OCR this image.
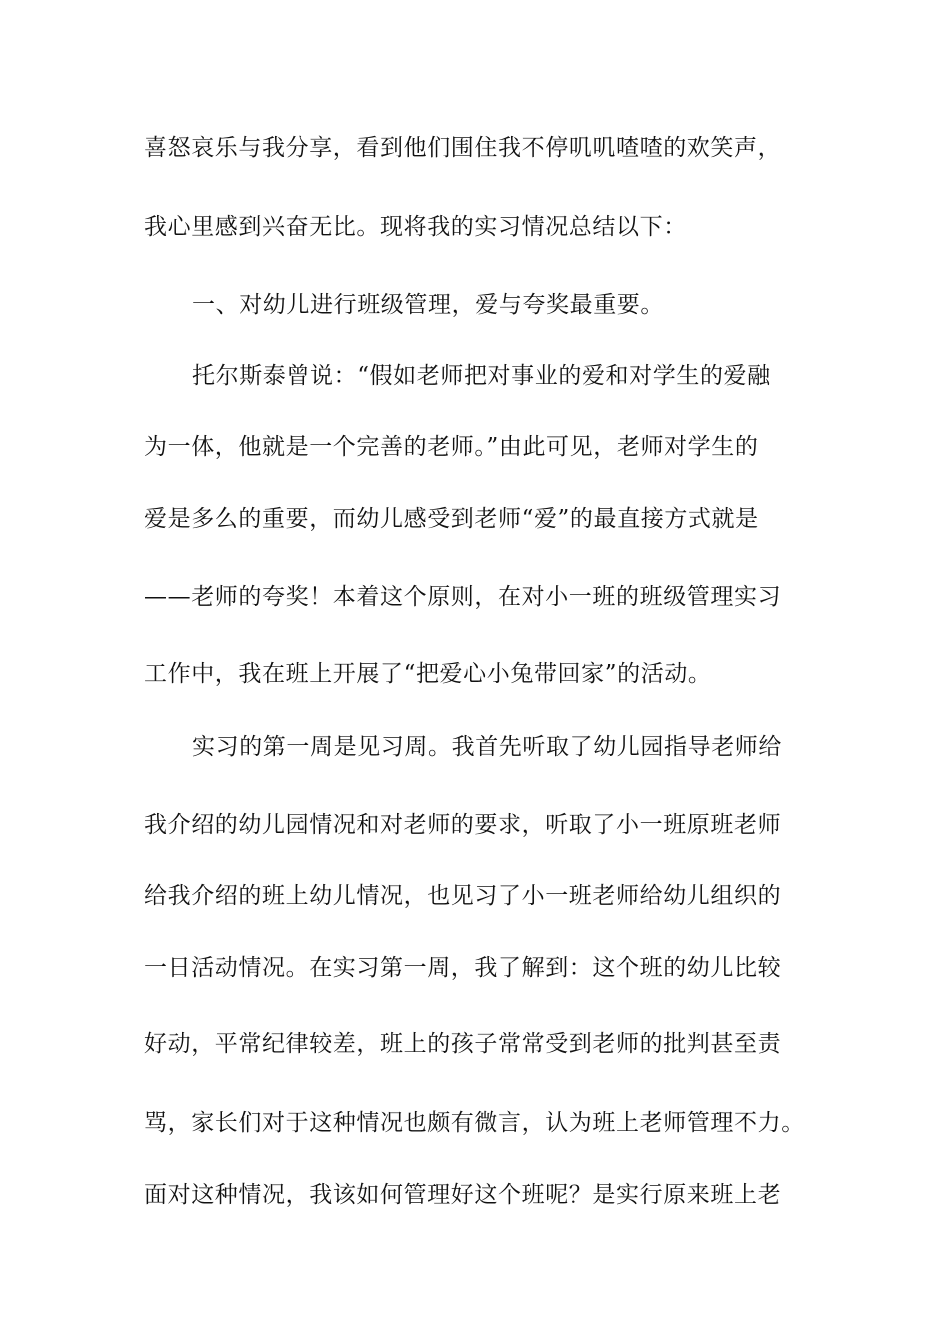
喜怒哀乐与我分享，看到他们围住我不停叽叽喳喳的欢笑声，
我心里感到兴奋无比。现将我的实习情况总结以下：
一、对幼儿进行班级管理，爱与夸奖最重要。
托尔斯泰曾说：“假如老师把对事业的爱和对学生的爱融
为一体，他就是一个完善的老师。”由此可见，老师对学生的
爱是多么的重要，而幼儿感受到老师“爱”的最直接方式就是
——老师的夸奖！本着这个原则，在对小一班的班级管理实习
工作中，我在班上开展了“把爱心小兔带回家”的活动。
实习的第一周是见习周。我首先听取了幼儿园指导老师给
我介绍的幼儿园情况和对老师的要求，听取了小一班原班老师
给我介绍的班上幼儿情况，也见习了小一班老师给幼儿组织的
一日活动情况。在实习第一周，我了解到：这个班的幼儿比较
好动，平常纪律较差，班上的孩子常常受到老师的批判甚至责
骂，家长们对于这种情况也颇有微言，认为班上老师管理不力。
面对这种情况，我该如何管理好这个班呢？是实行原来班上老
